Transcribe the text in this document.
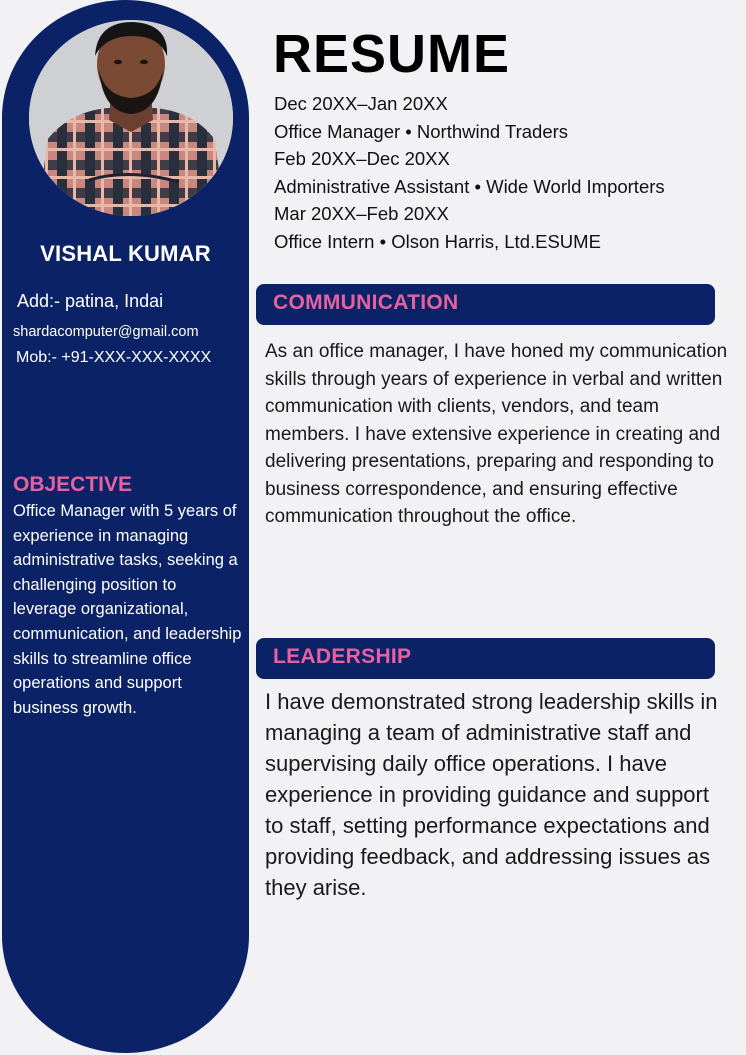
VISHAL KUMAR
Add:- patina, Indai
shardacomputer@gmail.com
Mob:- +91-XXX-XXX-XXXX
OBJECTIVE
Office Manager with 5 years of experience in managing administrative tasks, seeking a challenging position to leverage organizational, communication, and leadership skills to streamline office operations and support business growth.
RESUME
Dec 20XX–Jan 20XX
Office Manager • Northwind Traders
Feb 20XX–Dec 20XX
Administrative Assistant • Wide World Importers
Mar 20XX–Feb 20XX
Office Intern • Olson Harris, Ltd.ESUME
COMMUNICATION
As an office manager, I have honed my communication skills through years of experience in verbal and written communication with clients, vendors, and team members. I have extensive experience in creating and delivering presentations, preparing and responding to business correspondence, and ensuring effective communication throughout the office.
LEADERSHIP
I have demonstrated strong leadership skills in managing a team of administrative staff and supervising daily office operations. I have experience in providing guidance and support to staff, setting performance expectations and providing feedback, and addressing issues as they arise.
